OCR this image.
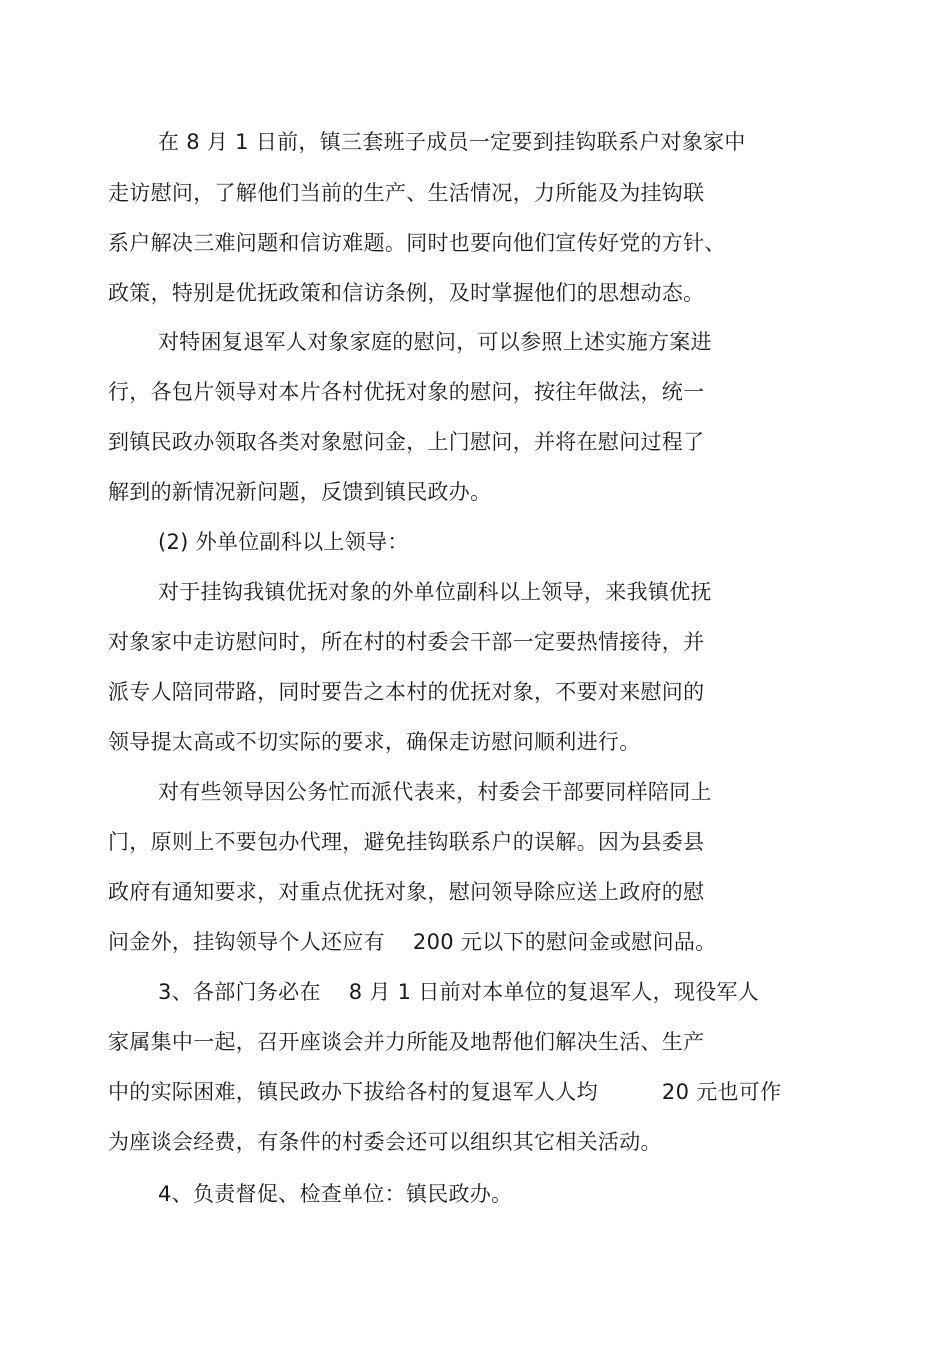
在 8 月 1 日前，镇三套班子成员一定要到挂钩联系户对象家中
走访慰问，了解他们当前的生产、生活情况，力所能及为挂钩联
系户解决三难问题和信访难题。同时也要向他们宣传好党的方针、
政策，特别是优抚政策和信访条例，及时掌握他们的思想动态。
对特困复退军人对象家庭的慰问，可以参照上述实施方案进
行，各包片领导对本片各村优抚对象的慰问，按往年做法，统一
到镇民政办领取各类对象慰问金，上门慰问，并将在慰问过程了
解到的新情况新问题，反馈到镇民政办。
(2) 外单位副科以上领导：
对于挂钩我镇优抚对象的外单位副科以上领导，来我镇优抚
对象家中走访慰问时，所在村的村委会干部一定要热情接待，并
派专人陪同带路，同时要告之本村的优抚对象，不要对来慰问的
领导提太高或不切实际的要求，确保走访慰问顺利进行。
对有些领导因公务忙而派代表来，村委会干部要同样陪同上
门，原则上不要包办代理，避免挂钩联系户的误解。因为县委县
政府有通知要求，对重点优抚对象，慰问领导除应送上政府的慰
问金外，挂钩领导个人还应有 200 元以下的慰问金或慰问品。
3、各部门务必在 8 月 1 日前对本单位的复退军人，现役军人
家属集中一起，召开座谈会并力所能及地帮他们解决生活、生产
中的实际困难，镇民政办下拔给各村的复退军人人均	20 元也可作
为座谈会经费，有条件的村委会还可以组织其它相关活动。
4、负责督促、检查单位：镇民政办。
